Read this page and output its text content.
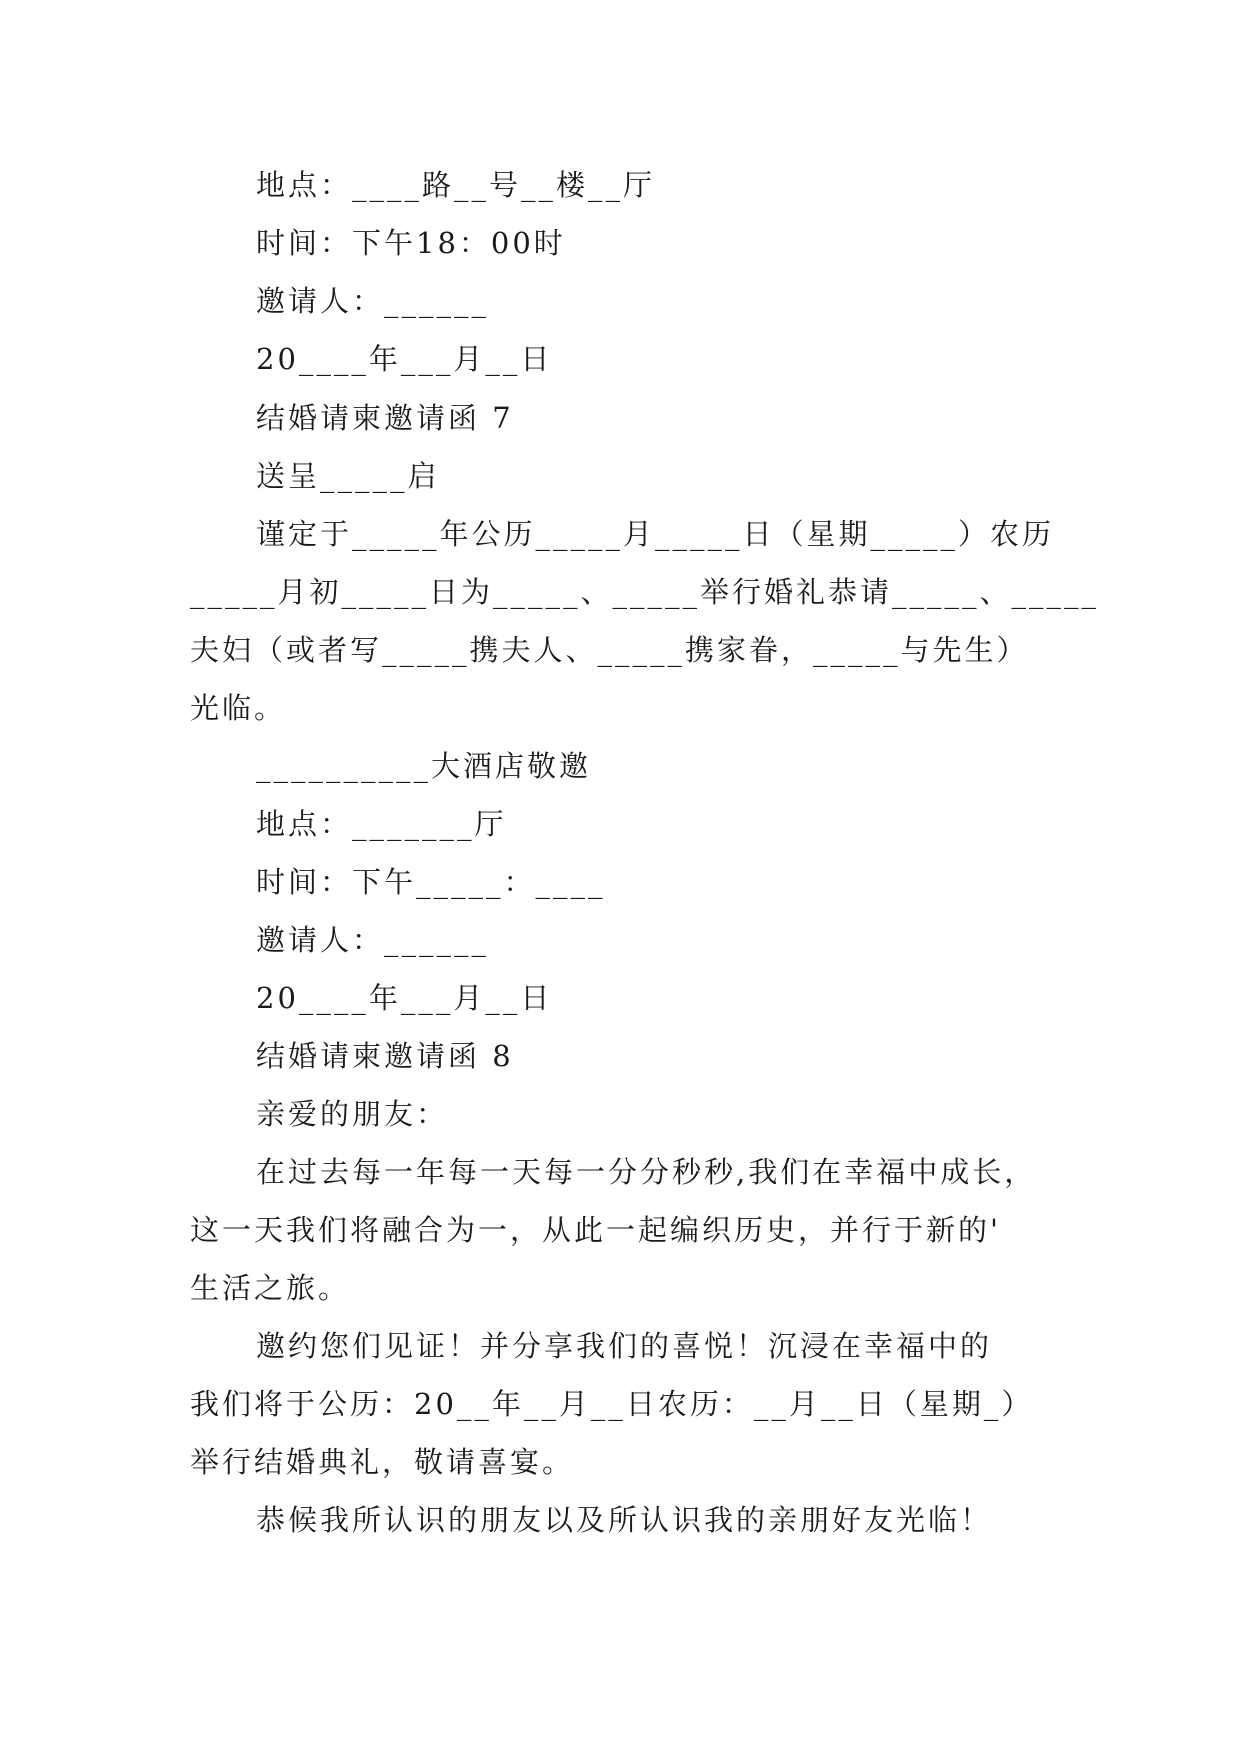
地点：____路__号__楼__厅

时间：下午18：00时

邀请人：______

20____年___月__日

结婚请柬邀请函 7

送呈_____启

谨定于_____年公历_____月_____日（星期_____）农历

_____月初_____日为_____、_____举行婚礼恭请_____、_____

夫妇（或者写_____携夫人、_____携家眷，_____与先生）

光临。

__________大酒店敬邀

地点：_______厅

时间：下午_____：____

邀请人：______

20____年___月__日

结婚请柬邀请函 8

亲爱的朋友：

在过去每一年每一天每一分分秒秒,我们在幸福中成长，

这一天我们将融合为一，从此一起编织历史，并行于新的'

生活之旅。

邀约您们见证！并分享我们的喜悦！沉浸在幸福中的

我们将于公历：20__年__月__日农历：__月__日（星期_）

举行结婚典礼，敬请喜宴。

恭候我所认识的朋友以及所认识我的亲朋好友光临！
